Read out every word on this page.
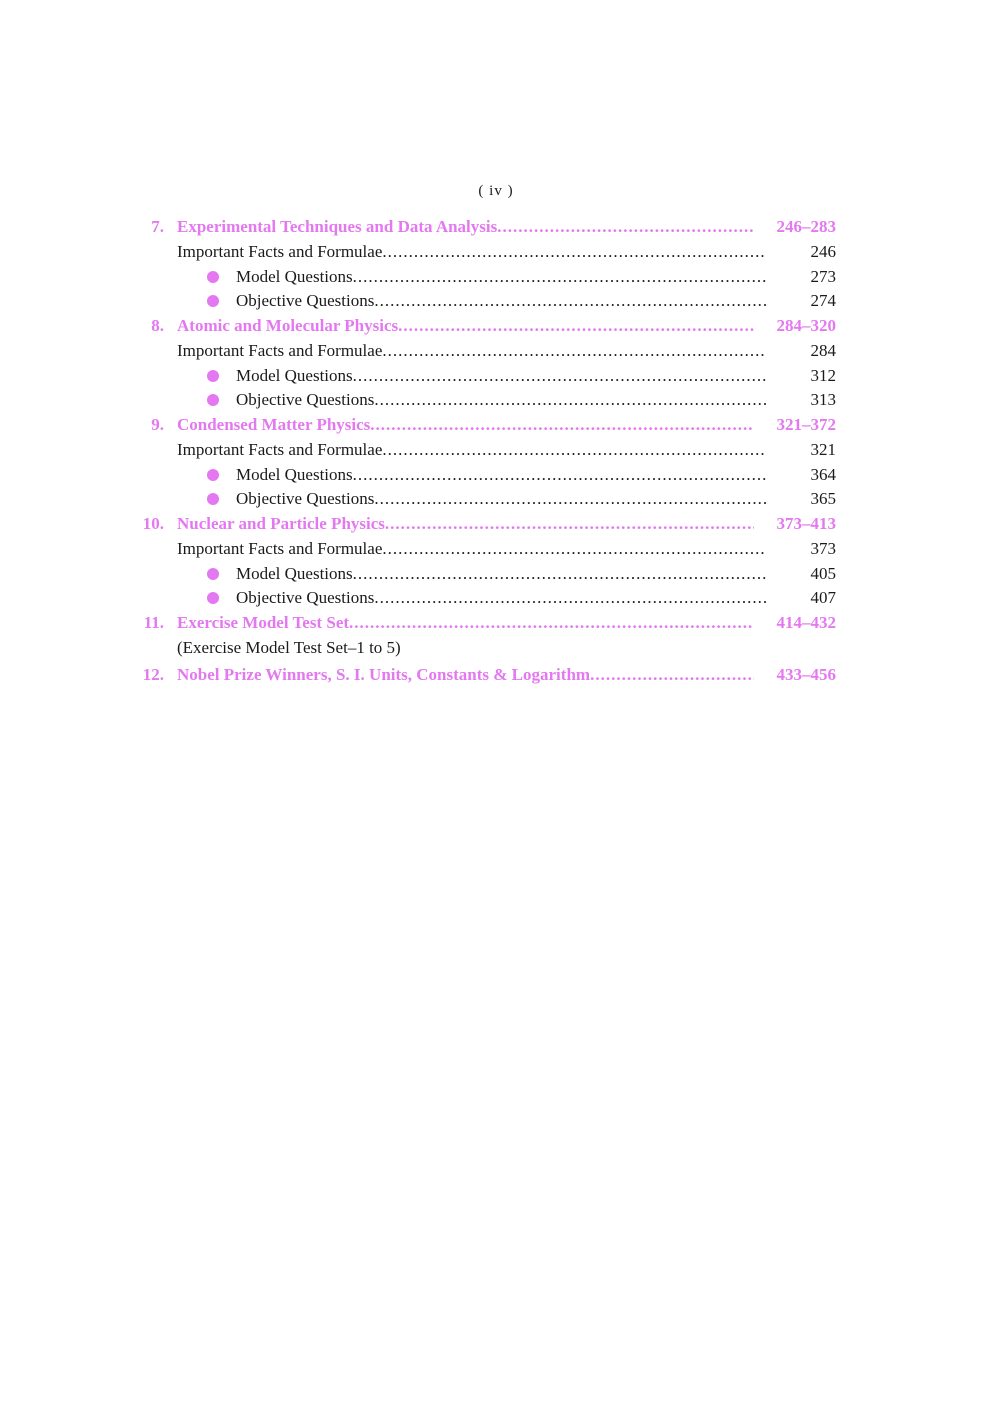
( iv )
7. Experimental Techniques and Data Analysis .....	246–283
Important Facts and Formulae .....	246
Model Questions .....	273
Objective Questions .....	274
8. Atomic and Molecular Physics .....	284–320
Important Facts and Formulae .....	284
Model Questions .....	312
Objective Questions .....	313
9. Condensed Matter Physics .....	321–372
Important Facts and Formulae .....	321
Model Questions .....	364
Objective Questions .....	365
10. Nuclear and Particle Physics .....	373–413
Important Facts and Formulae .....	373
Model Questions .....	405
Objective Questions .....	407
11. Exercise Model Test Set .....	414–432
(Exercise Model Test Set–1 to 5)
12. Nobel Prize Winners, S. I. Units, Constants & Logarithm .....	433–456
